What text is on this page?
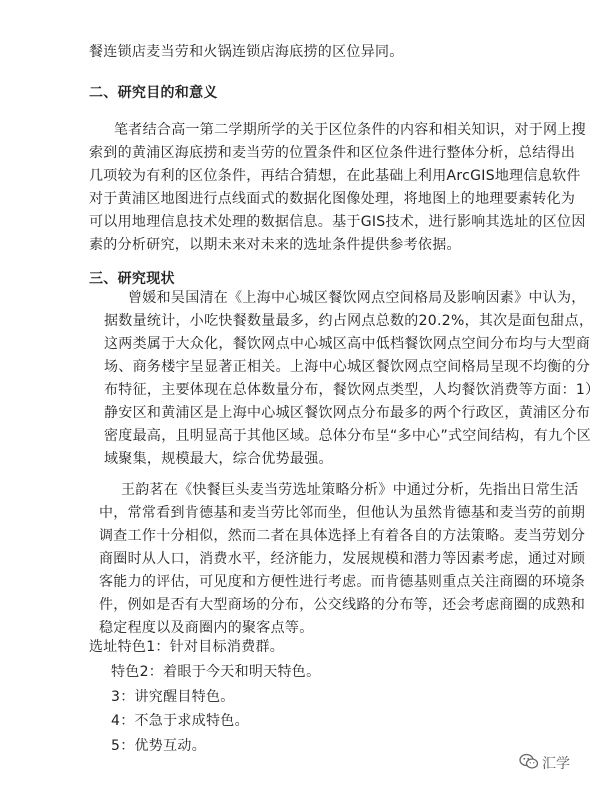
餐连锁店麦当劳和火锅连锁店海底捞的区位异同。
二、研究目的和意义
笔者结合高一第二学期所学的关于区位条件的内容和相关知识，对于网上搜
索到的黄浦区海底捞和麦当劳的位置条件和区位条件进行整体分析，总结得出
几项较为有利的区位条件，再结合猜想，在此基础上利用ArcGIS地理信息软件
对于黄浦区地图进行点线面式的数据化图像处理，将地图上的地理要素转化为
可以用地理信息技术处理的数据信息。基于GIS技术，进行影响其选址的区位因
素的分析研究，以期未来对未来的选址条件提供参考依据。
三、研究现状
曾媛和吴国清在《上海中心城区餐饮网点空间格局及影响因素》中认为，
据数量统计，小吃快餐数量最多，约占网点总数的20.2%，其次是面包甜点，
这两类属于大众化，餐饮网点中心城区高中低档餐饮网点空间分布均与大型商
场、商务楼宇呈显著正相关。上海中心城区餐饮网点空间格局呈现不均衡的分
布特征，主要体现在总体数量分布，餐饮网点类型，人均餐饮消费等方面：1）
静安区和黄浦区是上海中心城区餐饮网点分布最多的两个行政区，黄浦区分布
密度最高，且明显高于其他区域。总体分布呈“多中心”式空间结构，有九个区
域聚集，规模最大，综合优势最强。
王韵茗在《快餐巨头麦当劳选址策略分析》中通过分析，先指出日常生活
中，常常看到肯德基和麦当劳比邻而坐，但他认为虽然肯德基和麦当劳的前期
调查工作十分相似，然而二者在具体选择上有着各自的方法策略。麦当劳划分
商圈时从人口，消费水平，经济能力，发展规模和潜力等因素考虑，通过对顾
客能力的评估，可见度和方便性进行考虑。而肯德基则重点关注商圈的环境条
件，例如是否有大型商场的分布，公交线路的分布等，还会考虑商圈的成熟和
稳定程度以及商圈内的聚客点等。
选址特色1：针对目标消费群。
特色2：着眼于今天和明天特色。
3：讲究醒目特色。
4：不急于求成特色。
5：优势互动。
汇学
